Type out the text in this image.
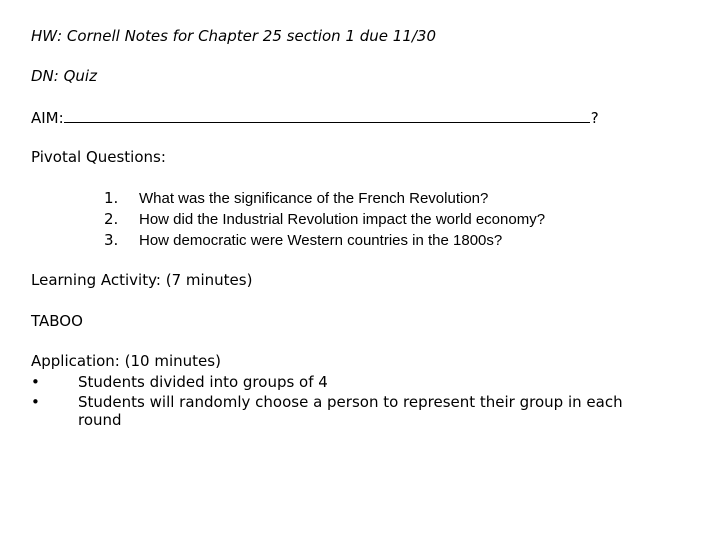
HW: Cornell Notes for Chapter 25 section 1 due 11/30
DN: Quiz
AIM:	?
Pivotal Questions:
1. What was the significance of the French Revolution?
2. How did the Industrial Revolution impact the world economy?
3. How democratic were Western countries in the 1800s?
Learning Activity: (7 minutes)
TABOO
Application: (10 minutes)
•	Students divided into groups of 4
•	Students will randomly choose a person to represent their group in each round
